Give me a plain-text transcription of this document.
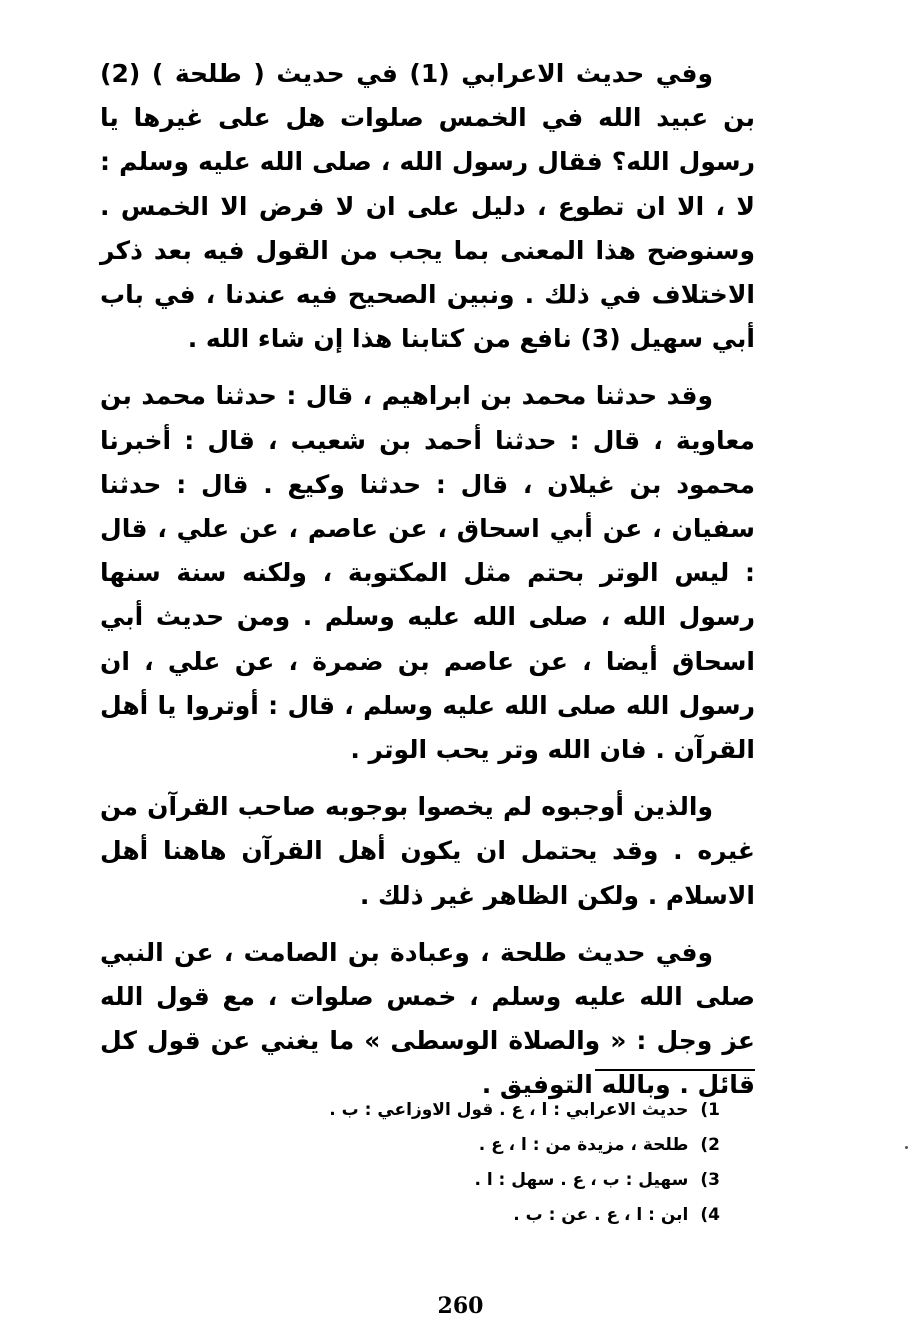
وفي حديث الاعرابي (1) في حديث ( طلحة ) (2) بن عبيد الله في الخمس صلوات هل على غيرها يا رسول الله؟ فقال رسول الله ، صلى الله عليه وسلم : لا ، الا ان تطوع ، دليل على ان لا فرض الا الخمس . وسنوضح هذا المعنى بما يجب من القول فيه بعد ذكر الاختلاف في ذلك . ونبين الصحيح فيه عندنا ، في باب أبي سهيل (3) نافع من كتابنا هذا إن شاء الله .

وقد حدثنا محمد بن ابراهيم ، قال : حدثنا محمد بن معاوية ، قال : حدثنا أحمد بن شعيب ، قال : أخبرنا محمود بن غيلان ، قال : حدثنا وكيع . قال : حدثنا سفيان ، عن أبي اسحاق ، عن عاصم ، عن علي ، قال : ليس الوتر بحتم مثل المكتوبة ، ولكنه سنة سنها رسول الله ، صلى الله عليه وسلم . ومن حديث أبي اسحاق أيضا ، عن عاصم بن ضمرة ، عن علي ، ان رسول الله صلى الله عليه وسلم ، قال : أوتروا يا أهل القرآن . فان الله وتر يحب الوتر .

والذين أوجبوه لم يخصوا بوجوبه صاحب القرآن من غيره . وقد يحتمل ان يكون أهل القرآن هاهنا أهل الاسلام . ولكن الظاهر غير ذلك .

وفي حديث طلحة ، وعبادة بن الصامت ، عن النبي صلى الله عليه وسلم ، خمس صلوات ، مع قول الله عز وجل : « والصلاة الوسطى » ما يغني عن قول كل قائل . وبالله التوفيق .

1)حديث الاعرابي : ا ، ع . قول الاوزاعي : ب .
2)طلحة ، مزيدة من : ا ، ع .
3)سهيل : ب ، ع . سهل : ا .
4)ابن : ا ، ع . عن : ب .
260
